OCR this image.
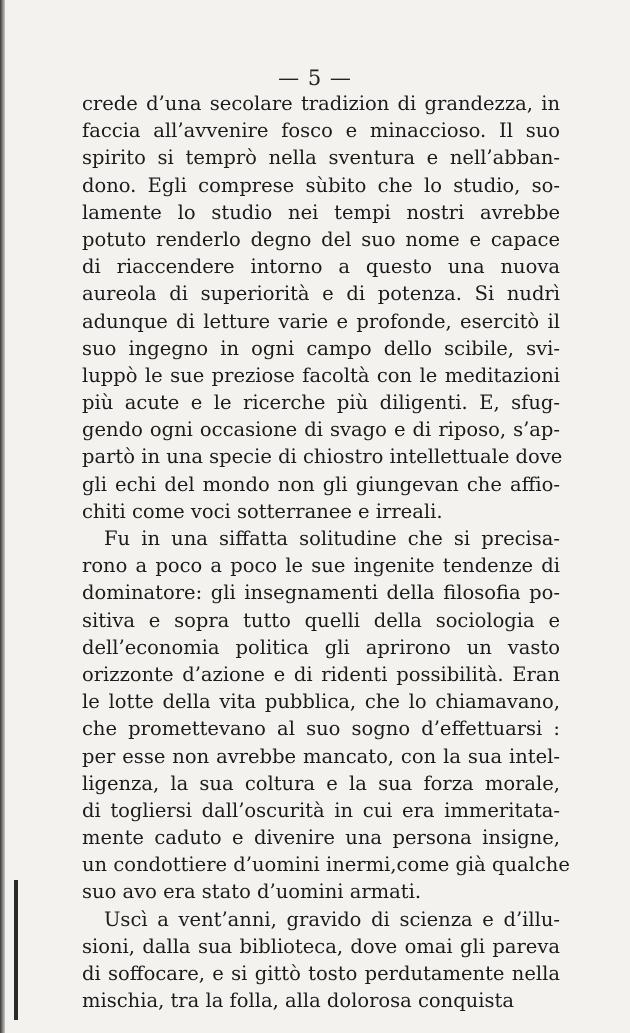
— 5 —
crede d’una secolare tradizion di grandezza, in
faccia all’avvenire fosco e minaccioso. Il suo
spirito si temprò nella sventura e nell’abban-
dono. Egli comprese sùbito che lo studio, so-
lamente lo studio nei tempi nostri avrebbe
potuto renderlo degno del suo nome e capace
di riaccendere intorno a questo una nuova
aureola di superiorità e di potenza. Si nudrì
adunque di letture varie e profonde, esercitò il
suo ingegno in ogni campo dello scibile, svi-
luppò le sue preziose facoltà con le meditazioni
più acute e le ricerche più diligenti. E, sfug-
gendo ogni occasione di svago e di riposo, s’ap-
partò in una specie di chiostro intellettuale dove
gli echi del mondo non gli giungevan che affio-
chiti come voci sotterranee e irreali.
Fu in una siffatta solitudine che si precisa-
rono a poco a poco le sue ingenite tendenze di
dominatore: gli insegnamenti della filosofia po-
sitiva e sopra tutto quelli della sociologia e
dell’economia politica gli aprirono un vasto
orizzonte d’azione e di ridenti possibilità. Eran
le lotte della vita pubblica, che lo chiamavano,
che promettevano al suo sogno d’effettuarsi :
per esse non avrebbe mancato, con la sua intel-
ligenza, la sua coltura e la sua forza morale,
di togliersi dall’oscurità in cui era immeritata-
mente caduto e divenire una persona insigne,
un condottiere d’uomini inermi,come già qualche
suo avo era stato d’uomini armati.
Uscì a vent’anni, gravido di scienza e d’illu-
sioni, dalla sua biblioteca, dove omai gli pareva
di soffocare, e si gittò tosto perdutamente nella
mischia, tra la folla, alla dolorosa conquista
